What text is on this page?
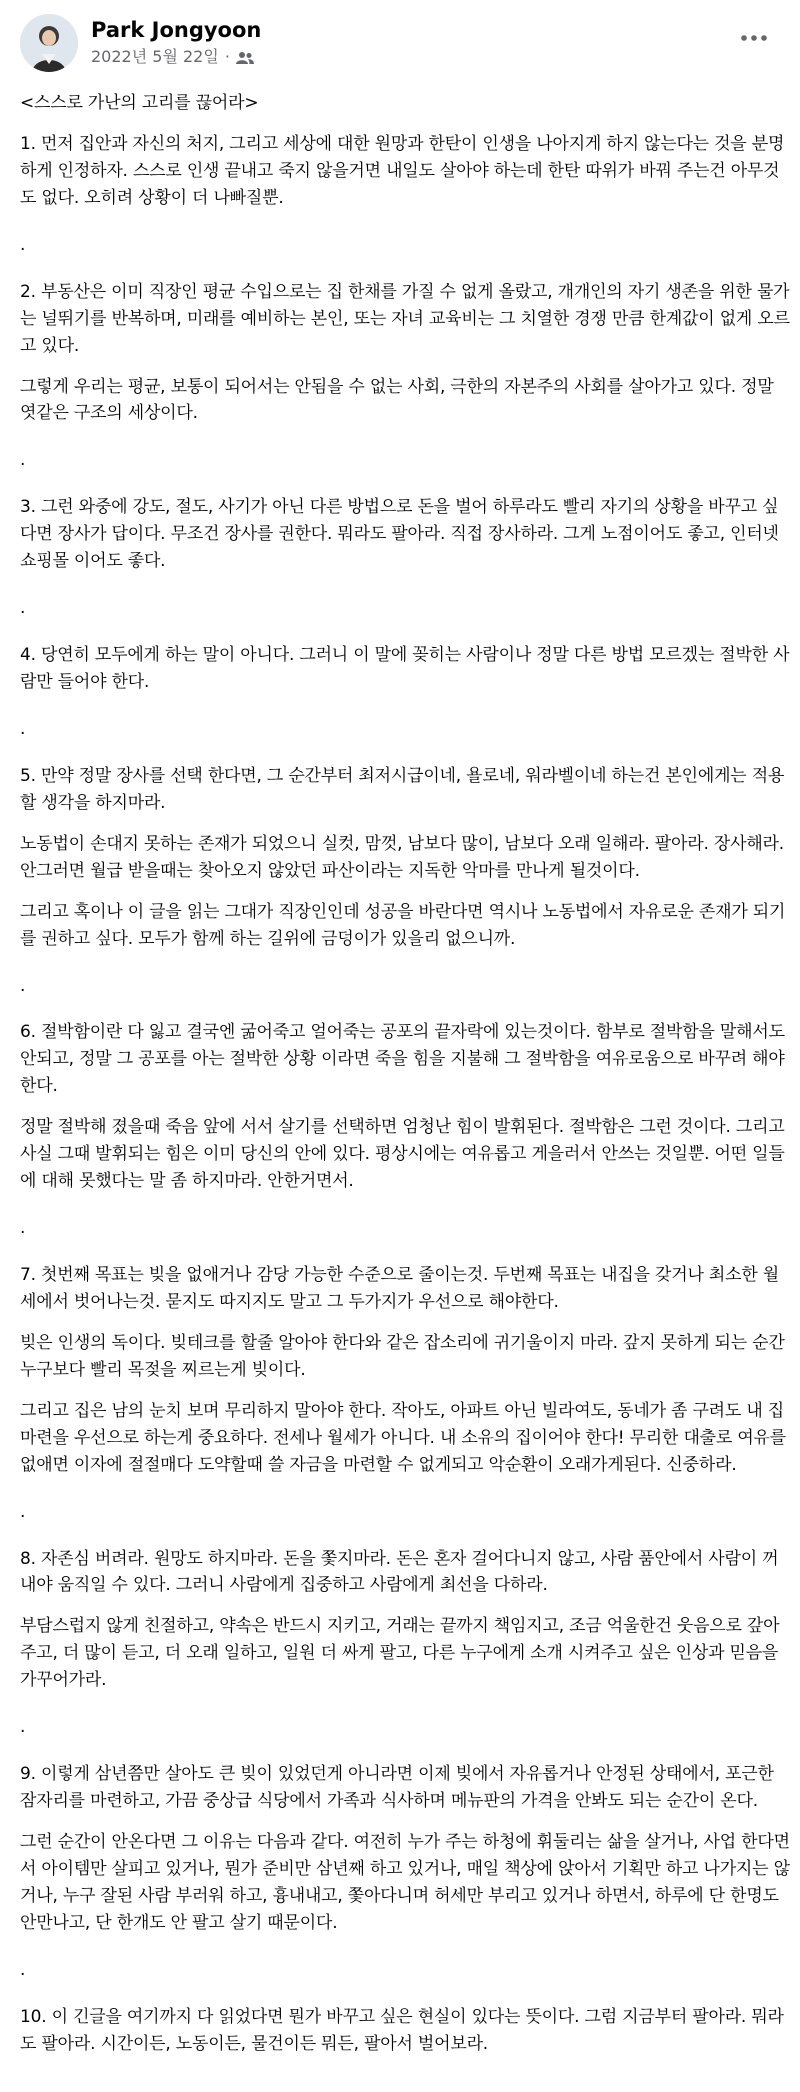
Park Jongyoon
2022년 5월 22일 ·

<스스로 가난의 고리를 끊어라>

1. 먼저 집안과 자신의 처지, 그리고 세상에 대한 원망과 한탄이 인생을 나아지게 하지 않는다는 것을 분명하게 인정하자. 스스로 인생 끝내고 죽지 않을거면 내일도 살아야 하는데 한탄 따위가 바꿔 주는건 아무것도 없다. 오히려 상황이 더 나빠질뿐.

.

2. 부동산은 이미 직장인 평균 수입으로는 집 한채를 가질 수 없게 올랐고, 개개인의 자기 생존을 위한 물가는 널뛰기를 반복하며, 미래를 예비하는 본인, 또는 자녀 교육비는 그 치열한 경쟁 만큼 한계값이 없게 오르고 있다.

그렇게 우리는 평균, 보통이 되어서는 안됨을 수 없는 사회, 극한의 자본주의 사회를 살아가고 있다. 정말 엿같은 구조의 세상이다.

.

3. 그런 와중에 강도, 절도, 사기가 아닌 다른 방법으로 돈을 벌어 하루라도 빨리 자기의 상황을 바꾸고 싶다면 장사가 답이다. 무조건 장사를 권한다. 뭐라도 팔아라. 직접 장사하라. 그게 노점이어도 좋고, 인터넷 쇼핑몰 이어도 좋다.

.

4. 당연히 모두에게 하는 말이 아니다. 그러니 이 말에 꽂히는 사람이나 정말 다른 방법 모르겠는 절박한 사람만 들어야 한다.

.

5. 만약 정말 장사를 선택 한다면, 그 순간부터 최저시급이네, 욜로네, 워라벨이네 하는건 본인에게는 적용할 생각을 하지마라.

노동법이 손대지 못하는 존재가 되었으니 실컷, 맘껏, 남보다 많이, 남보다 오래 일해라. 팔아라. 장사해라. 안그러면 월급 받을때는 찾아오지 않았던 파산이라는 지독한 악마를 만나게 될것이다.

그리고 혹이나 이 글을 읽는 그대가 직장인인데 성공을 바란다면 역시나 노동법에서 자유로운 존재가 되기를 권하고 싶다. 모두가 함께 하는 길위에 금덩이가 있을리 없으니까.

.

6. 절박함이란 다 잃고 결국엔 굶어죽고 얼어죽는 공포의 끝자락에 있는것이다. 함부로 절박함을 말해서도 안되고, 정말 그 공포를 아는 절박한 상황 이라면 죽을 힘을 지불해 그 절박함을 여유로움으로 바꾸려 해야한다.

정말 절박해 졌을때 죽음 앞에 서서 살기를 선택하면 엄청난 힘이 발휘된다. 절박함은 그런 것이다. 그리고 사실 그때 발휘되는 힘은 이미 당신의 안에 있다. 평상시에는 여유롭고 게을러서 안쓰는 것일뿐. 어떤 일들에 대해 못했다는 말 좀 하지마라. 안한거면서.

.

7. 첫번째 목표는 빚을 없애거나 감당 가능한 수준으로 줄이는것. 두번째 목표는 내집을 갖거나 최소한 월세에서 벗어나는것. 묻지도 따지지도 말고 그 두가지가 우선으로 해야한다.

빚은 인생의 독이다. 빚테크를 할줄 알아야 한다와 같은 잡소리에 귀기울이지 마라. 갚지 못하게 되는 순간 누구보다 빨리 목젖을 찌르는게 빚이다.

그리고 집은 남의 눈치 보며 무리하지 말아야 한다. 작아도, 아파트 아닌 빌라여도, 동네가 좀 구려도 내 집 마련을 우선으로 하는게 중요하다. 전세나 월세가 아니다. 내 소유의 집이어야 한다! 무리한 대출로 여유를 없애면 이자에 절절매다 도약할때 쓸 자금을 마련할 수 없게되고 악순환이 오래가게된다. 신중하라.

.

8. 자존심 버려라. 원망도 하지마라. 돈을 쫓지마라. 돈은 혼자 걸어다니지 않고, 사람 품안에서 사람이 꺼내야 움직일 수 있다. 그러니 사람에게 집중하고 사람에게 최선을 다하라.

부담스럽지 않게 친절하고, 약속은 반드시 지키고, 거래는 끝까지 책임지고, 조금 억울한건 웃음으로 갚아주고, 더 많이 듣고, 더 오래 일하고, 일원 더 싸게 팔고, 다른 누구에게 소개 시켜주고 싶은 인상과 믿음을 가꾸어가라.

.

9. 이렇게 삼년쯤만 살아도 큰 빚이 있었던게 아니라면 이제 빚에서 자유롭거나 안정된 상태에서, 포근한 잠자리를 마련하고, 가끔 중상급 식당에서 가족과 식사하며 메뉴판의 가격을 안봐도 되는 순간이 온다.

그런 순간이 안온다면 그 이유는 다음과 같다. 여전히 누가 주는 하청에 휘둘리는 삶을 살거나, 사업 한다면서 아이템만 살피고 있거나, 뭔가 준비만 삼년째 하고 있거나, 매일 책상에 앉아서 기획만 하고 나가지는 않거나, 누구 잘된 사람 부러워 하고, 흉내내고, 쫓아다니며 허세만 부리고 있거나 하면서, 하루에 단 한명도 안만나고, 단 한개도 안 팔고 살기 때문이다.

.

10. 이 긴글을 여기까지 다 읽었다면 뭔가 바꾸고 싶은 현실이 있다는 뜻이다. 그럼 지금부터 팔아라. 뭐라도 팔아라. 시간이든, 노동이든, 물건이든 뭐든, 팔아서 벌어보라.
